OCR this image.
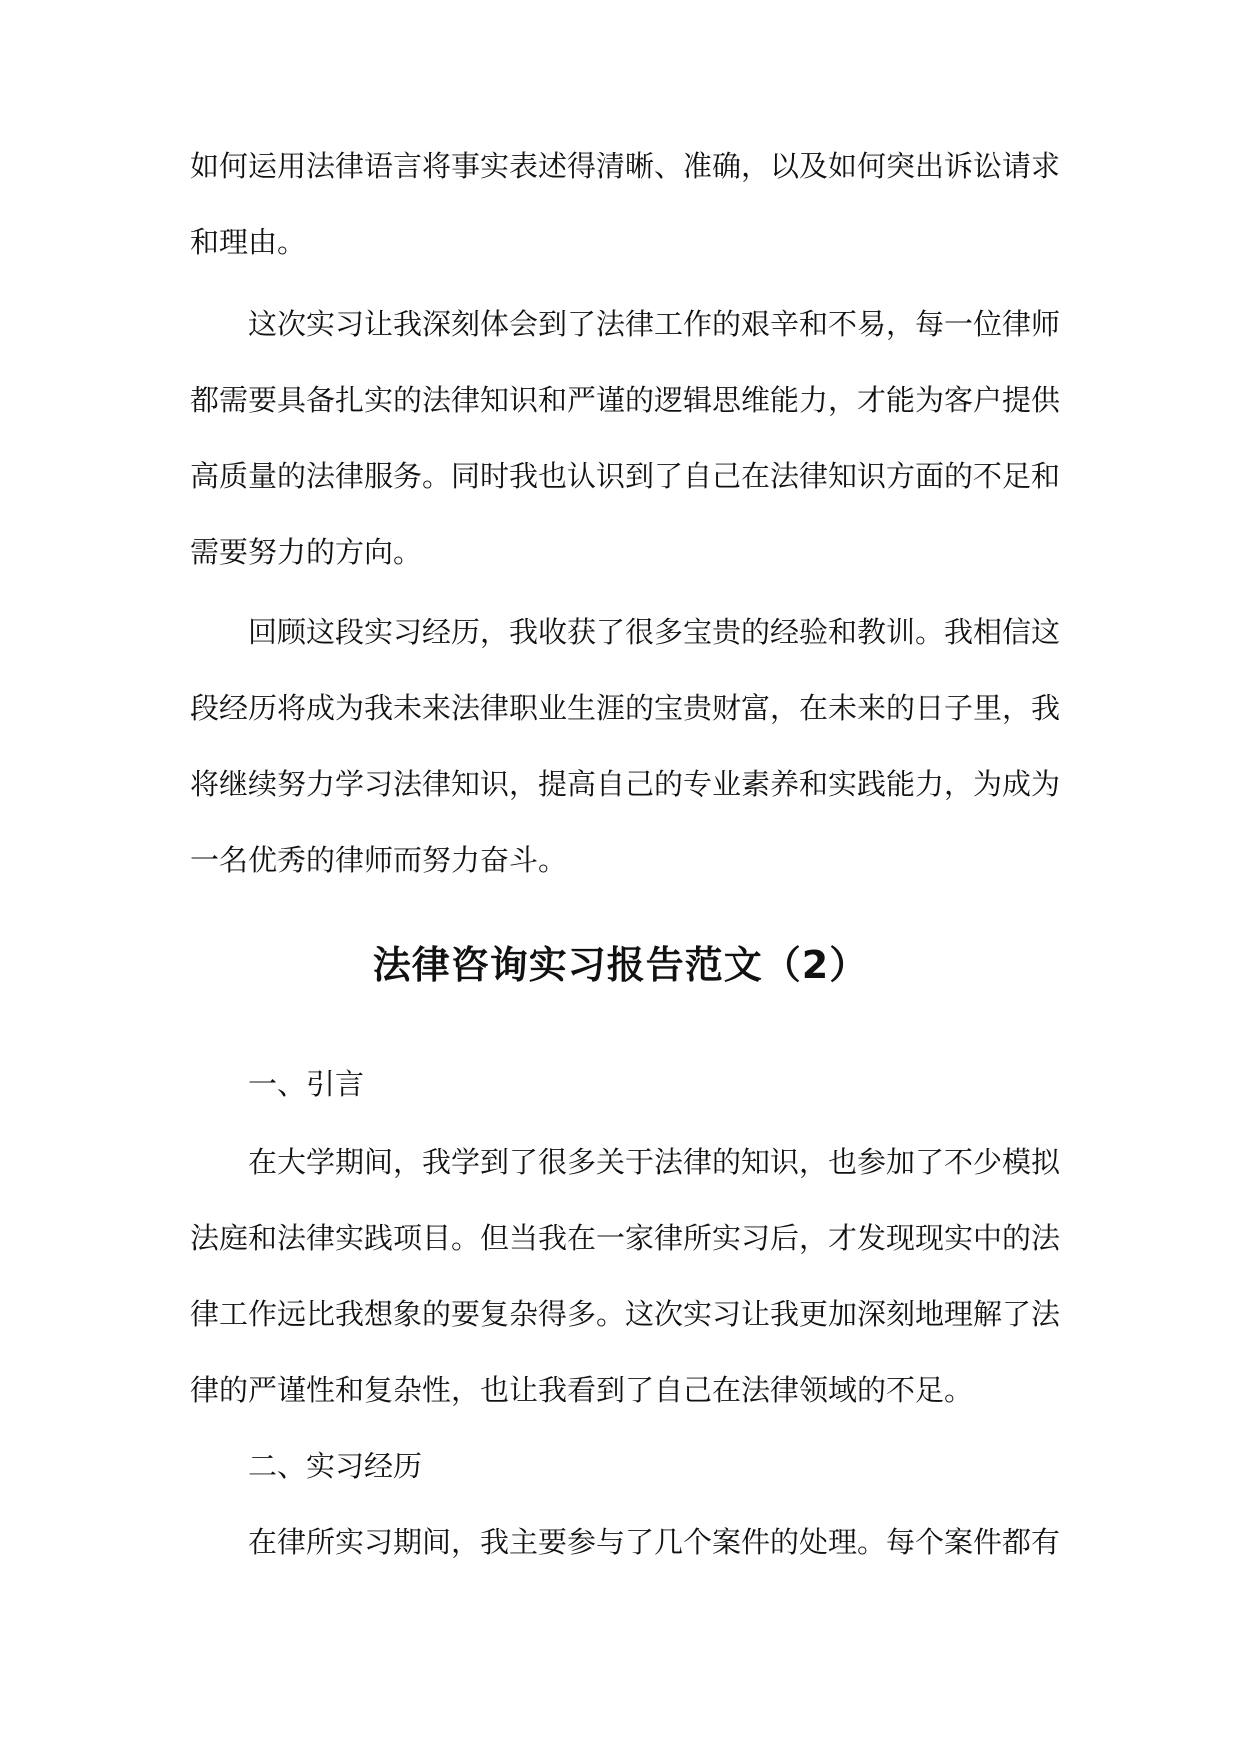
如何运用法律语言将事实表述得清晰、准确，以及如何突出诉讼请求
和理由。
这次实习让我深刻体会到了法律工作的艰辛和不易，每一位律师
都需要具备扎实的法律知识和严谨的逻辑思维能力，才能为客户提供
高质量的法律服务。同时我也认识到了自己在法律知识方面的不足和
需要努力的方向。
回顾这段实习经历，我收获了很多宝贵的经验和教训。我相信这
段经历将成为我未来法律职业生涯的宝贵财富，在未来的日子里，我
将继续努力学习法律知识，提高自己的专业素养和实践能力，为成为
一名优秀的律师而努力奋斗。
法律咨询实习报告范文（2）
一、引言
在大学期间，我学到了很多关于法律的知识，也参加了不少模拟
法庭和法律实践项目。但当我在一家律所实习后，才发现现实中的法
律工作远比我想象的要复杂得多。这次实习让我更加深刻地理解了法
律的严谨性和复杂性，也让我看到了自己在法律领域的不足。
二、实习经历
在律所实习期间，我主要参与了几个案件的处理。每个案件都有
